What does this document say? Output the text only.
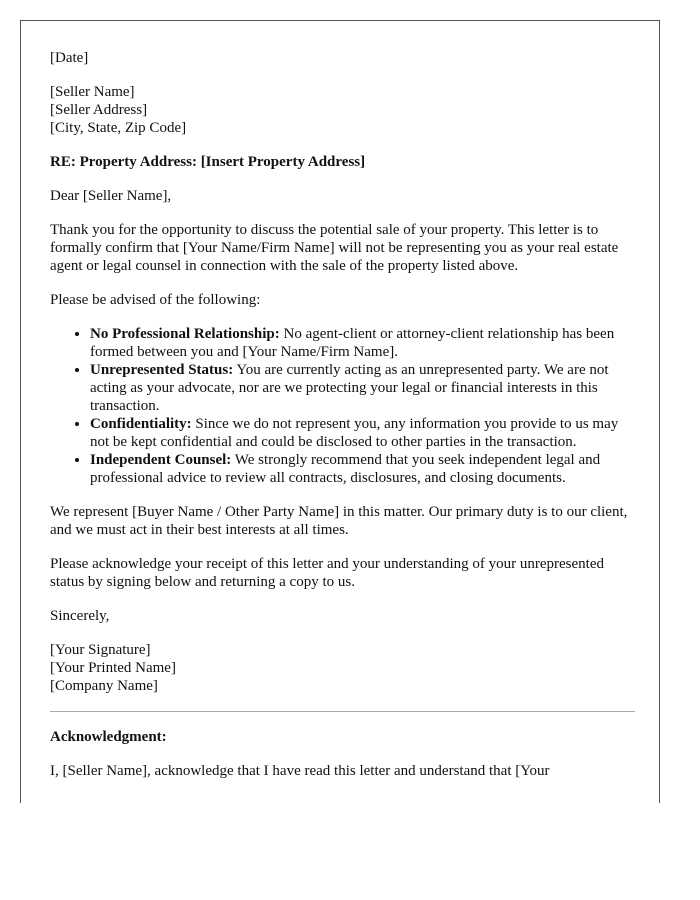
[Date]
[Seller Name]
[Seller Address]
[City, State, Zip Code]

RE: Property Address: [Insert Property Address]

Dear [Seller Name],

Thank you for the opportunity to discuss the potential sale of your property. This letter is to formally confirm that [Your Name/Firm Name] will not be representing you as your real estate agent or legal counsel in connection with the sale of the property listed above.

Please be advised of the following:

• No Professional Relationship: No agent-client or attorney-client relationship has been formed between you and [Your Name/Firm Name].
• Unrepresented Status: You are currently acting as an unrepresented party. We are not acting as your advocate, nor are we protecting your legal or financial interests in this transaction.
• Confidentiality: Since we do not represent you, any information you provide to us may not be kept confidential and could be disclosed to other parties in the transaction.
• Independent Counsel: We strongly recommend that you seek independent legal and professional advice to review all contracts, disclosures, and closing documents.

We represent [Buyer Name / Other Party Name] in this matter. Our primary duty is to our client, and we must act in their best interests at all times.

Please acknowledge your receipt of this letter and your understanding of your unrepresented status by signing below and returning a copy to us.

Sincerely,

[Your Signature]
[Your Printed Name]
[Company Name]

Acknowledgment:

I, [Seller Name], acknowledge that I have read this letter and understand that [Your
